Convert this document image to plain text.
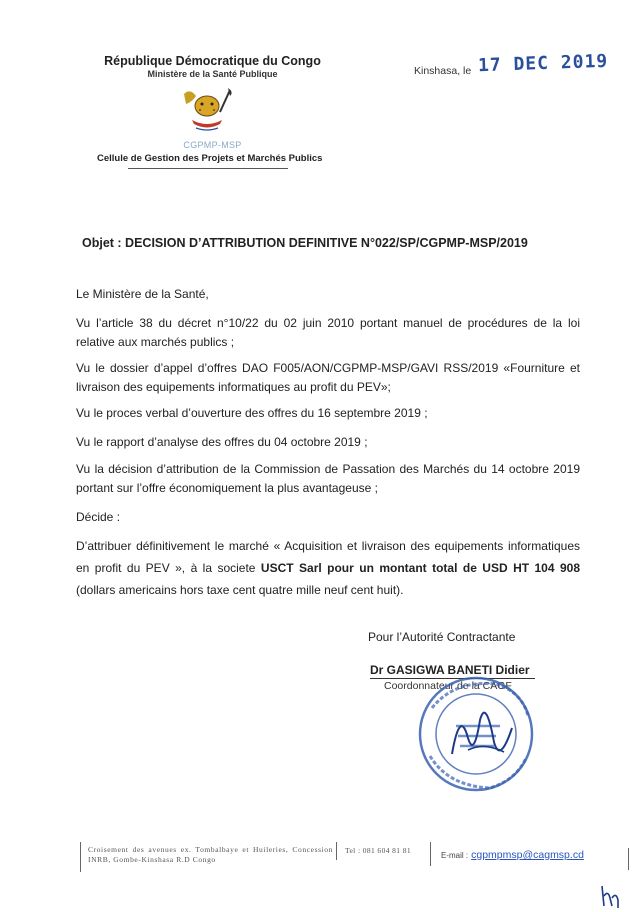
République Démocratique du Congo
Ministère de la Santé Publique
CGPMP-MSP
Cellule de Gestion des Projets et Marchés Publics
Kinshasa, le 17 DEC 2019
Objet : DECISION D’ATTRIBUTION DEFINITIVE N°022/SP/CGPMP-MSP/2019
Le Ministère de la Santé,
Vu l’article 38 du décret n°10/22 du 02 juin 2010 portant manuel de procédures de la loi relative aux marchés publics ;
Vu le dossier d’appel d’offres DAO F005/AON/CGPMP-MSP/GAVI RSS/2019 «Fourniture et livraison des equipements informatiques au profit du PEV»;
Vu le proces verbal d’ouverture des offres du 16 septembre 2019 ;
Vu le rapport d’analyse des offres du 04 octobre 2019 ;
Vu la décision d’attribution de la Commission de Passation des Marchés du 14 octobre 2019 portant sur l’offre économiquement la plus avantageuse ;
Décide :
D’attribuer définitivement le marché « Acquisition et livraison des equipements informatiques en profit du PEV », à la societe USCT Sarl pour un montant total de USD HT 104 908 (dollars americains hors taxe cent quatre mille neuf cent huit).
Pour l’Autorité Contractante
Dr GASIGWA BANETI Didier
Coordonnateur de la CAGF
Croisement des avenues ex. Tombalbaye et Huileries, Concession INRB, Gombe-Kinshasa R.D Congo
Tel : 081 604 81 81
E-mail : cgpmpmsp@cagmsp.cd
